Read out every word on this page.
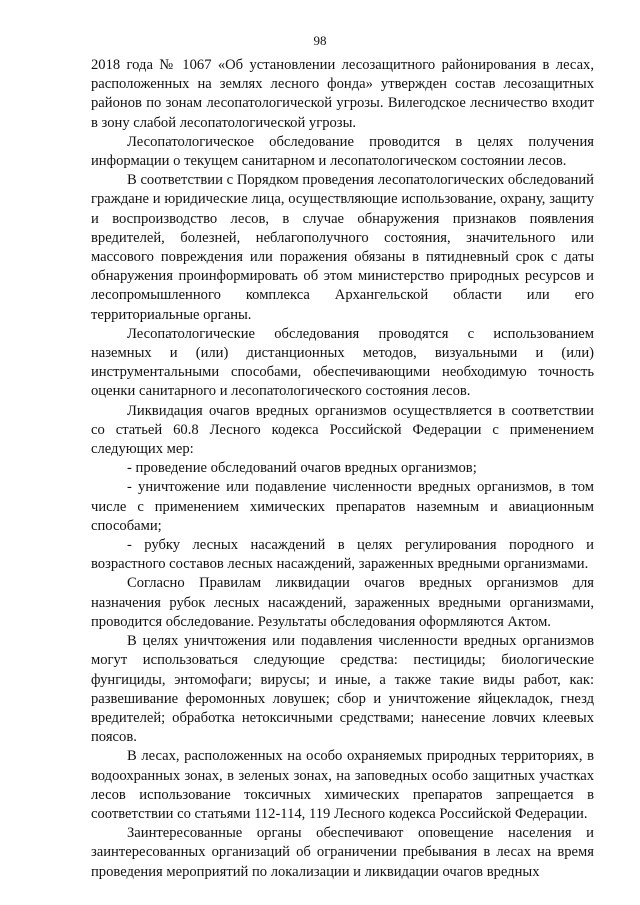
98

2018 года № 1067 «Об установлении лесозащитного районирования в лесах, расположенных на землях лесного фонда» утвержден состав лесозащитных районов по зонам лесопатологической угрозы. Вилегодское лесничество входит в зону слабой лесопатологической угрозы.

Лесопатологическое обследование проводится в целях получения информации о текущем санитарном и лесопатологическом состоянии лесов.

В соответствии с Порядком проведения лесопатологических обследований граждане и юридические лица, осуществляющие использование, охрану, защиту и воспроизводство лесов, в случае обнаружения признаков появления вредителей, болезней, неблагополучного состояния, значительного или массового повреждения или поражения обязаны в пятидневный срок с даты обнаружения проинформировать об этом министерство природных ресурсов и лесопромышленного комплекса Архангельской области или его территориальные органы.

Лесопатологические обследования проводятся с использованием наземных и (или) дистанционных методов, визуальными и (или) инструментальными способами, обеспечивающими необходимую точность оценки санитарного и лесопатологического состояния лесов.

Ликвидация очагов вредных организмов осуществляется в соответствии со статьей 60.8 Лесного кодекса Российской Федерации с применением следующих мер:

- проведение обследований очагов вредных организмов;

- уничтожение или подавление численности вредных организмов, в том числе с применением химических препаратов наземным и авиационным способами;

- рубку лесных насаждений в целях регулирования породного и возрастного составов лесных насаждений, зараженных вредными организмами.

Согласно Правилам ликвидации очагов вредных организмов для назначения рубок лесных насаждений, зараженных вредными организмами, проводится обследование. Результаты обследования оформляются Актом.

В целях уничтожения или подавления численности вредных организмов могут использоваться следующие средства: пестициды; биологические фунгициды, энтомофаги; вирусы; и иные, а также такие виды работ, как: развешивание феромонных ловушек; сбор и уничтожение яйцекладок, гнезд вредителей; обработка нетоксичными средствами; нанесение ловчих клеевых поясов.

В лесах, расположенных на особо охраняемых природных территориях, в водоохранных зонах, в зеленых зонах, на заповедных особо защитных участках лесов использование токсичных химических препаратов запрещается в соответствии со статьями 112-114, 119 Лесного кодекса Российской Федерации.

Заинтересованные органы обеспечивают оповещение населения и заинтересованных организаций об ограничении пребывания в лесах на время проведения мероприятий по локализации и ликвидации очагов вредных
